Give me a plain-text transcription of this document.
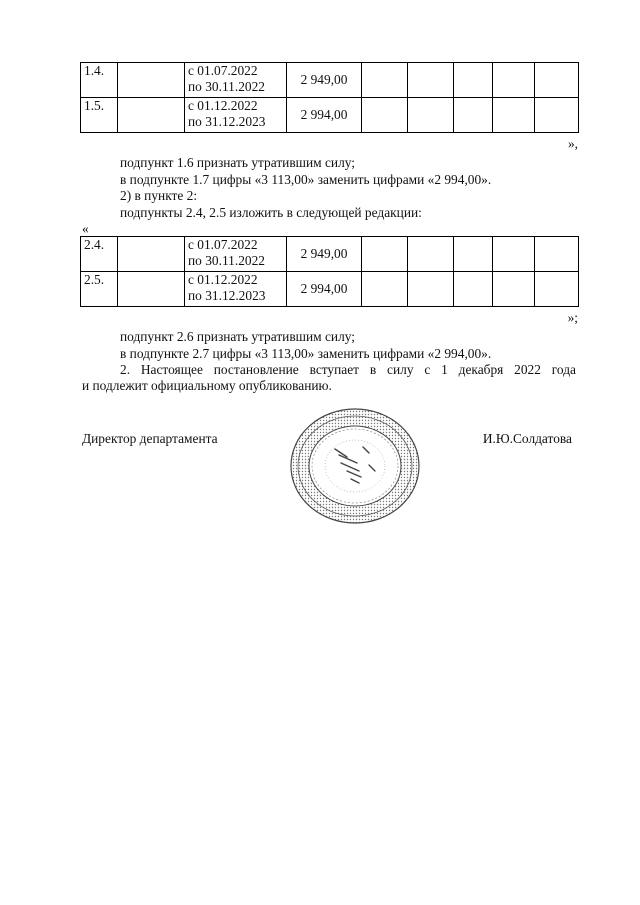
1.4.		с 01.07.2022
по 30.11.2022	2 949,00					
1.5.		с 01.12.2022
по 31.12.2023	2 994,00					
»,
подпункт 1.6 признать утратившим силу;
в подпункте 1.7 цифры «3 113,00» заменить цифрами «2 994,00».
2) в пункте 2:
подпункты 2.4, 2.5 изложить в следующей редакции:
«
2.4.		с 01.07.2022
по 30.11.2022	2 949,00					
2.5.		с 01.12.2022
по 31.12.2023	2 994,00					
»;
подпункт 2.6 признать утратившим силу;
в подпункте 2.7 цифры «3 113,00» заменить цифрами «2 994,00».
2. Настоящее постановление вступает в силу с 1 декабря 2022 года
и подлежит официальному опубликованию.
Директор департамента	И.Ю.Солдатова
